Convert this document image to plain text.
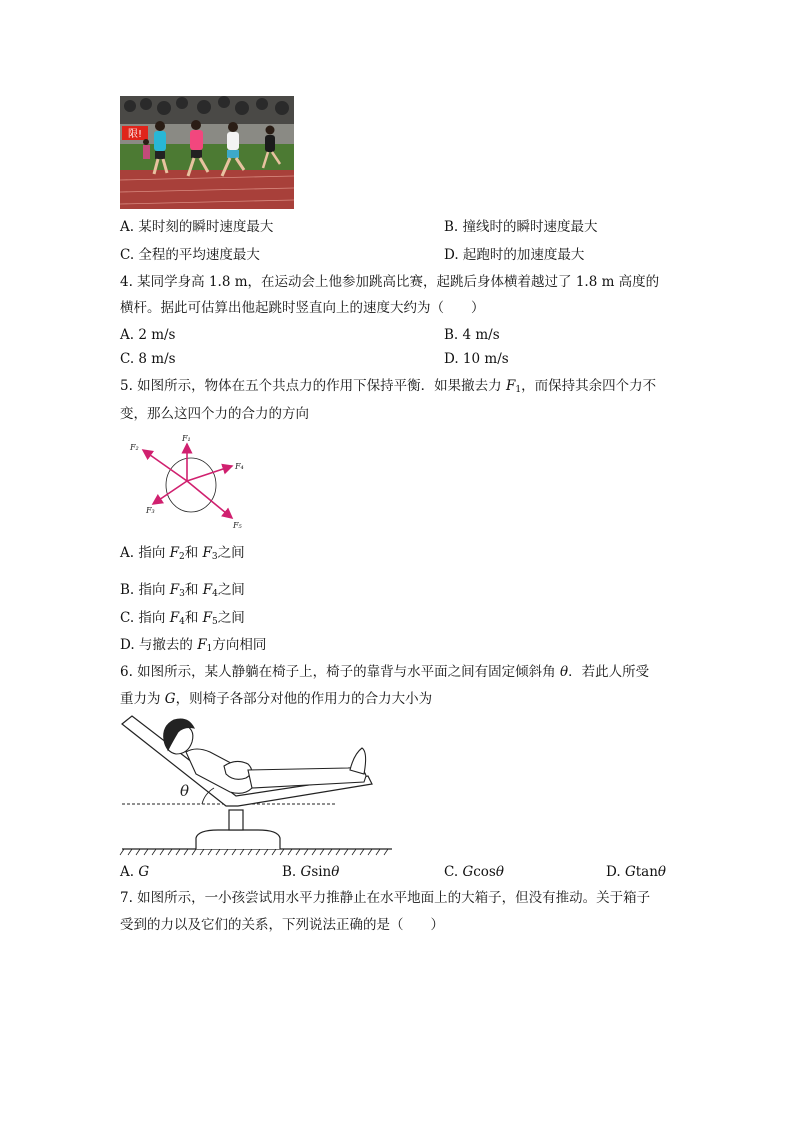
限!
A. 某时刻的瞬时速度最大	B. 撞线时的瞬时速度最大
C. 全程的平均速度最大	D. 起跑时的加速度最大
4. 某同学身高 1.8 m，在运动会上他参加跳高比赛，起跳后身体横着越过了 1.8 m 高度的
横杆。据此可估算出他起跳时竖直向上的速度大约为（　　）
A. 2 m/s	B. 4 m/s
C. 8 m/s	D. 10 m/s
5. 如图所示，物体在五个共点力的作用下保持平衡．如果撤去力 $F_1$，而保持其余四个力不
变，那么这四个力的合力的方向
F₁
F₂
F₃
F₄
F₅
A. 指向 $F_2$和 $F_3$之间
B. 指向 $F_3$和 $F_4$之间
C. 指向 $F_4$和 $F_5$之间
D. 与撤去的 $F_1$方向相同
6. 如图所示，某人静躺在椅子上，椅子的靠背与水平面之间有固定倾斜角 θ．若此人所受
重力为 G，则椅子各部分对他的作用力的合力大小为
θ
A. G	B. Gsinθ	C. Gcosθ	D. Gtanθ
7. 如图所示，一小孩尝试用水平力推静止在水平地面上的大箱子，但没有推动。关于箱子
受到的力以及它们的关系，下列说法正确的是（　　）
